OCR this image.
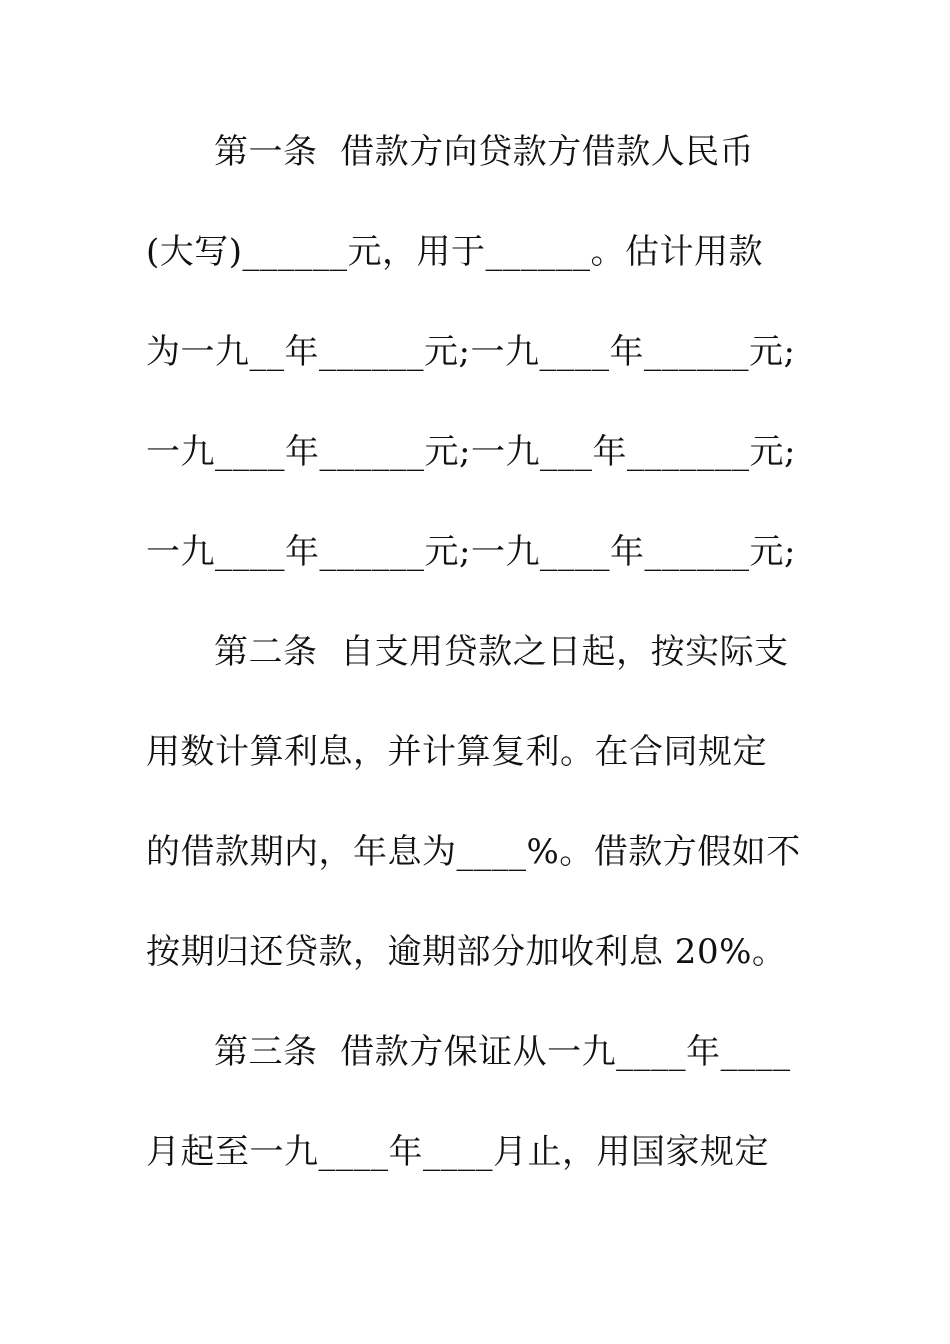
第一条  借款方向贷款方借款人民币
(大写)______元，用于______。估计用款
为一九__年______元;一九____年______元;
一九____年______元;一九___年_______元;
一九____年______元;一九____年______元;
第二条  自支用贷款之日起，按实际支
用数计算利息，并计算复利。在合同规定
的借款期内，年息为____%。借款方假如不
按期归还贷款，逾期部分加收利息 20%。
第三条  借款方保证从一九____年____
月起至一九____年____月止，用国家规定
